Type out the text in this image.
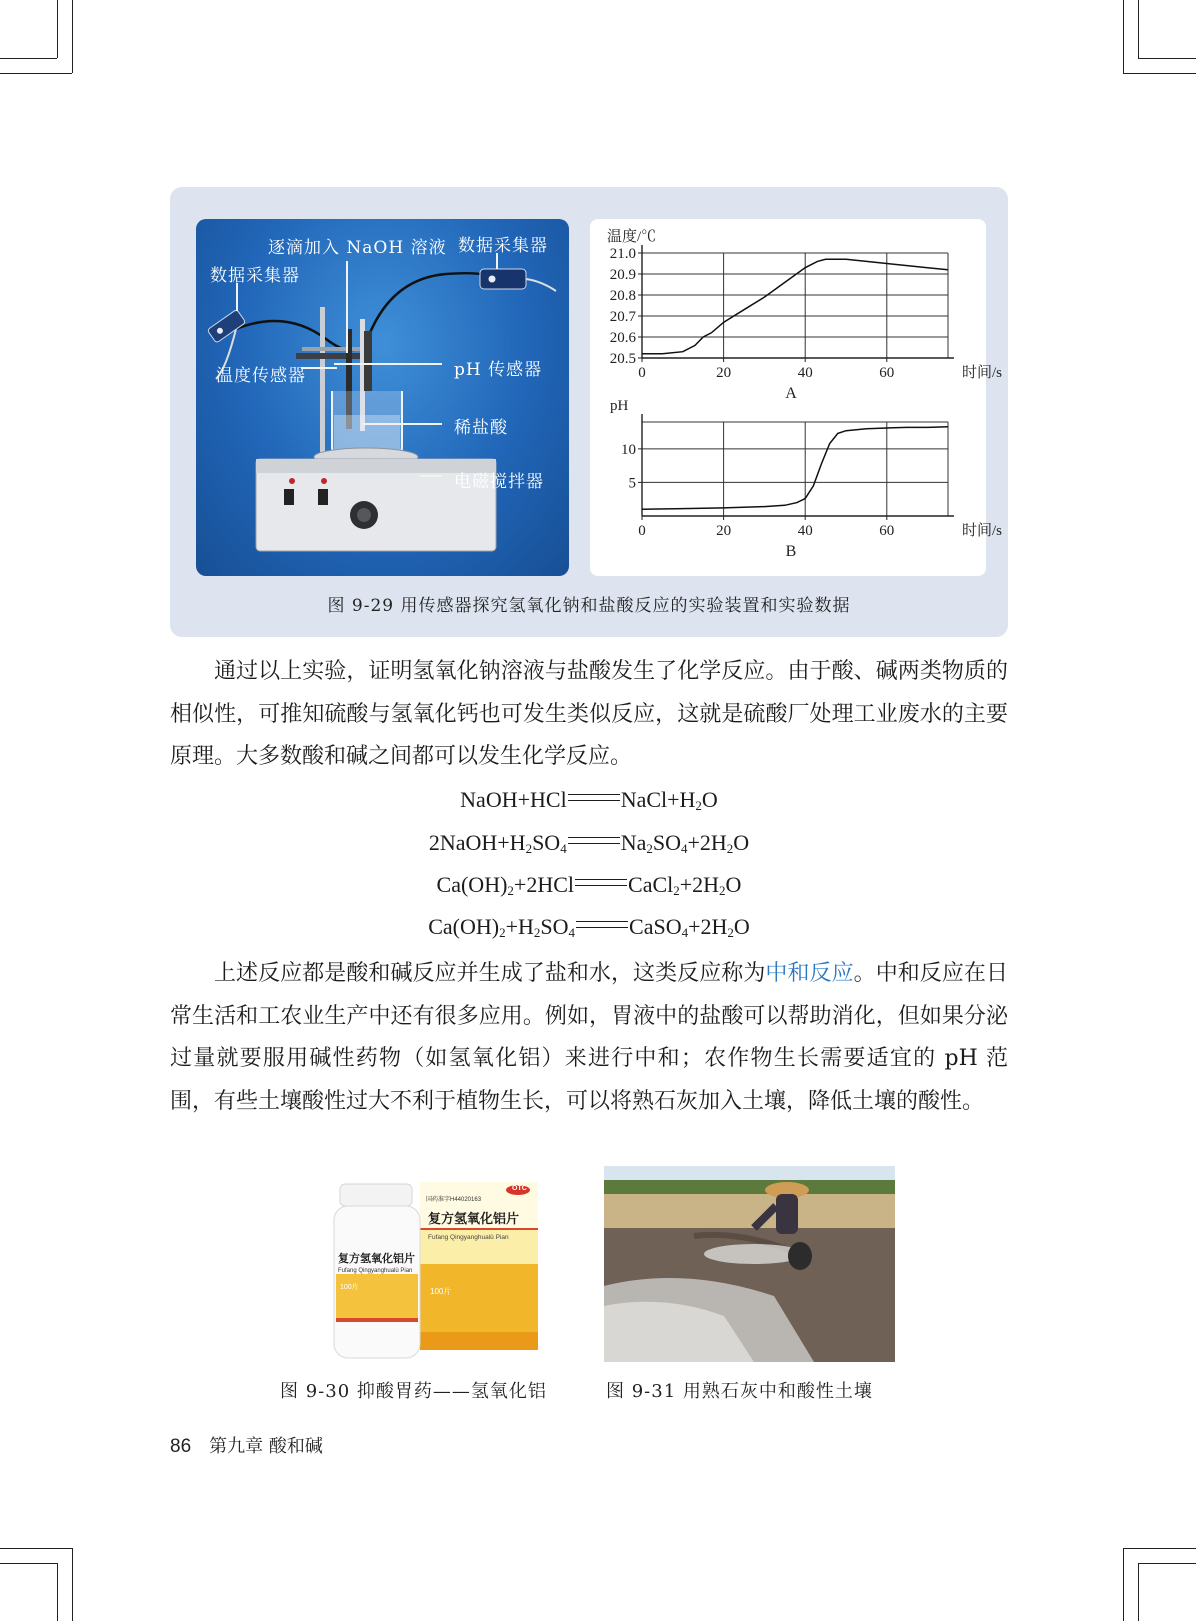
逐滴加入 NaOH 溶液 数据采集器
数据采集器
温度传感器	pH 传感器
稀盐酸
电磁搅拌器
0	20	40	60
21.0
20.9
20.8
20.7
20.6
20.5
温度/℃
时间/s
A
0	20	40	60
10
5
pH
时间/s
B
图 9-29 用传感器探究氢氧化钠和盐酸反应的实验装置和实验数据

通过以上实验，证明氢氧化钠溶液与盐酸发生了化学反应。由于酸、碱两类物质的相似性，可推知硫酸与氢氧化钙也可发生类似反应，这就是硫酸厂处理工业废水的主要原理。大多数酸和碱之间都可以发生化学反应。

NaOH+HCl $NaCl+H_2O$
$2NaOH+H_2SO_4$ $Na_2SO_4+2H_2O$
$Ca(OH)_2+2HCl$ $CaCl_2+2H_2O$
$Ca(OH)_2+H_2SO_4$ $CaSO_4+2H_2O$

上述反应都是酸和碱反应并生成了盐和水，这类反应称为中和反应。中和反应在日常生活和工农业生产中还有很多应用。例如，胃液中的盐酸可以帮助消化，但如果分泌过量就要服用碱性药物（如氢氧化铝）来进行中和；农作物生长需要适宜的 pH 范围，有些土壤酸性过大不利于植物生长，可以将熟石灰加入土壤，降低土壤的酸性。

OTC
国药准字H44020163
复方氢氧化铝片
Fufang Qingyanghualü Pian
100片
复方氢氧化铝片
Fufang Qingyanghualü Pian
100片
图 9-30 抑酸胃药——氢氧化铝	图 9-31 用熟石灰中和酸性土壤
86 第九章 酸和碱
